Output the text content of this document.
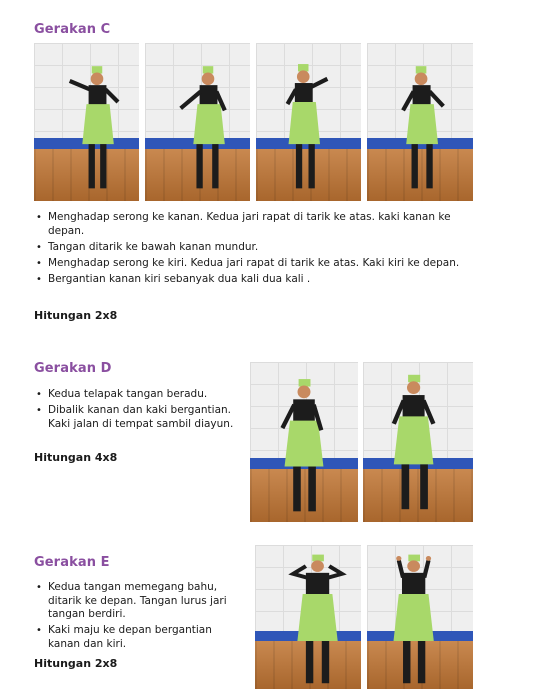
Gerakan C
• Menghadap serong ke kanan. Kedua jari rapat di tarik ke atas. kaki kanan ke depan.
• Tangan ditarik ke bawah kanan mundur.
• Menghadap serong ke kiri. Kedua jari rapat di tarik ke atas. Kaki kiri ke depan.
• Bergantian kanan kiri sebanyak dua kali dua kali .

Hitungan 2x8

Gerakan D
• Kedua telapak tangan beradu.
• Dibalik kanan dan kaki bergantian. Kaki jalan di tempat sambil diayun.

Hitungan 4x8

Gerakan E
• Kedua tangan memegang bahu, ditarik ke depan. Tangan lurus jari tangan berdiri.
• Kaki maju ke depan bergantian kanan dan kiri.

Hitungan 2x8
